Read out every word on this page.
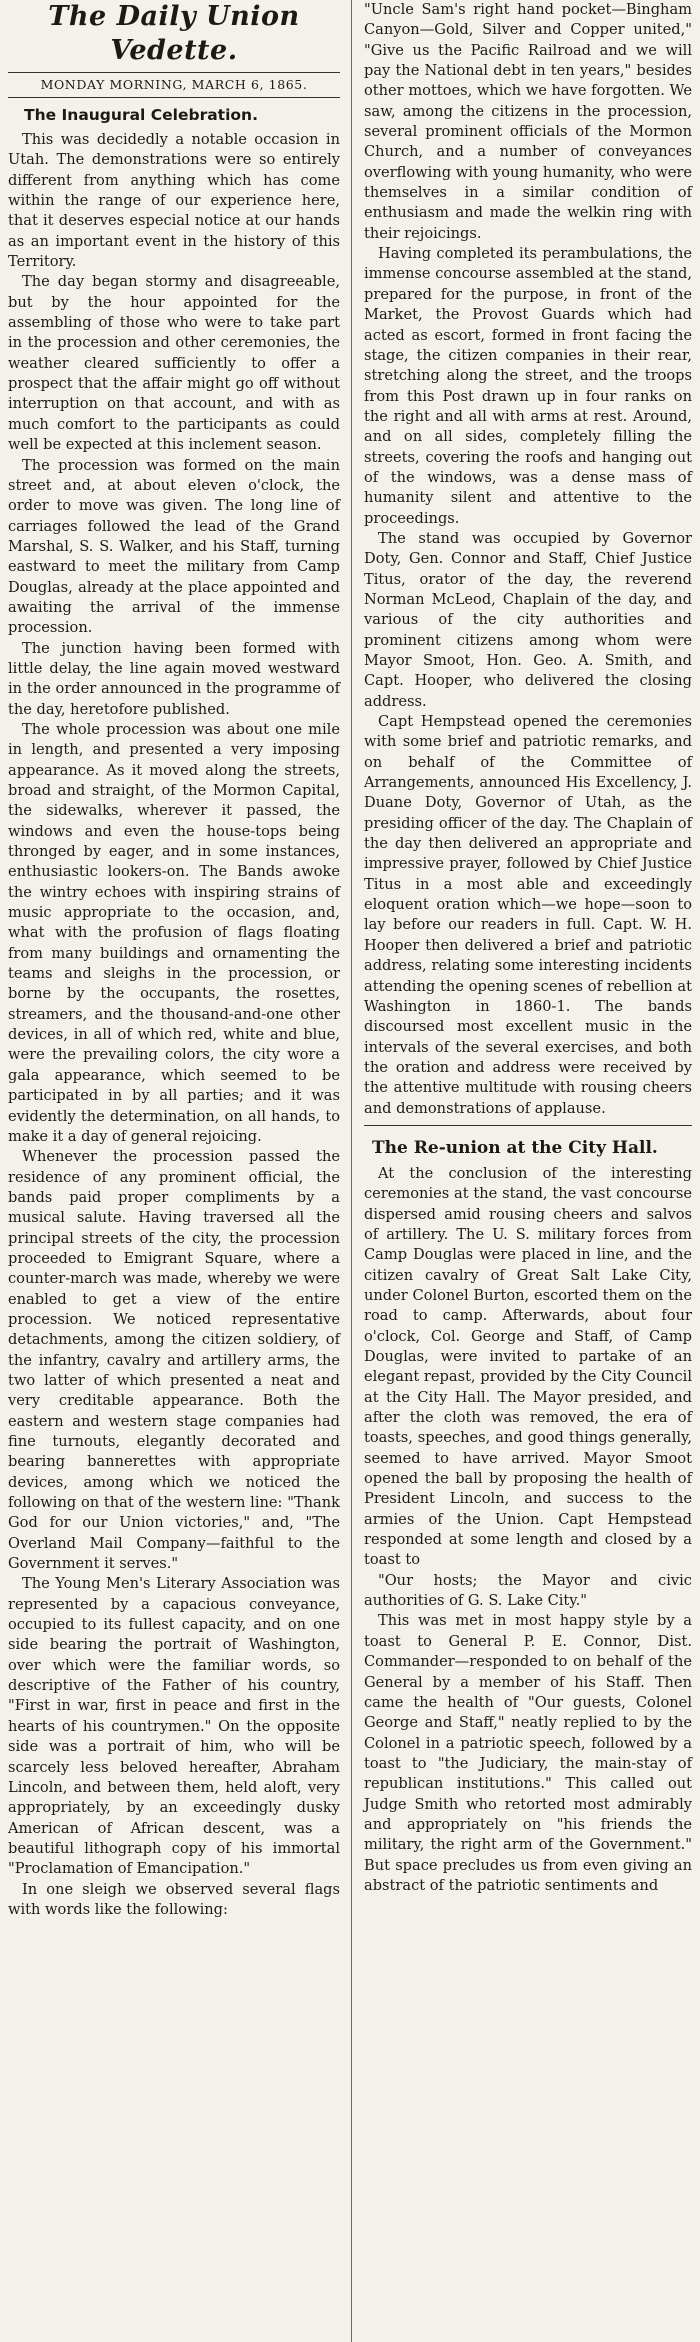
The Daily Union Vedette.
MONDAY MORNING, MARCH 6, 1865.
The Inaugural Celebration.

This was decidedly a notable occasion in Utah. The demonstrations were so entirely different from anything which has come within the range of our experience here, that it deserves especial notice at our hands as an important event in the history of this Territory.

The day began stormy and disagreeable, but by the hour appointed for the assembling of those who were to take part in the procession and other ceremonies, the weather cleared sufficiently to offer a prospect that the affair might go off without interruption on that account, and with as much comfort to the participants as could well be expected at this inclement season.

The procession was formed on the main street and, at about eleven o'clock, the order to move was given. The long line of carriages followed the lead of the Grand Marshal, S. S. Walker, and his Staff, turning eastward to meet the military from Camp Douglas, already at the place appointed and awaiting the arrival of the immense procession.

The junction having been formed with little delay, the line again moved westward in the order announced in the programme of the day, heretofore published.

The whole procession was about one mile in length, and presented a very imposing appearance. As it moved along the streets, broad and straight, of the Mormon Capital, the sidewalks, wherever it passed, the windows and even the house-tops being thronged by eager, and in some instances, enthusiastic lookers-on. The Bands awoke the wintry echoes with inspiring strains of music appropriate to the occasion, and, what with the profusion of flags floating from many buildings and ornamenting the teams and sleighs in the procession, or borne by the occupants, the rosettes, streamers, and the thousand-and-one other devices, in all of which red, white and blue, were the prevailing colors, the city wore a gala appearance, which seemed to be participated in by all parties; and it was evidently the determination, on all hands, to make it a day of general rejoicing.

Whenever the procession passed the residence of any prominent official, the bands paid proper compliments by a musical salute. Having traversed all the principal streets of the city, the procession proceeded to Emigrant Square, where a counter-march was made, whereby we were enabled to get a view of the entire procession. We noticed representative detachments, among the citizen soldiery, of the infantry, cavalry and artillery arms, the two latter of which presented a neat and very creditable appearance. Both the eastern and western stage companies had fine turnouts, elegantly decorated and bearing bannerettes with appropriate devices, among which we noticed the following on that of the western line: "Thank God for our Union victories," and, "The Overland Mail Company—faithful to the Government it serves."

The Young Men's Literary Association was represented by a capacious conveyance, occupied to its fullest capacity, and on one side bearing the portrait of Washington, over which were the familiar words, so descriptive of the Father of his country, "First in war, first in peace and first in the hearts of his countrymen." On the opposite side was a portrait of him, who will be scarcely less beloved hereafter, Abraham Lincoln, and between them, held aloft, very appropriately, by an exceedingly dusky American of African descent, was a beautiful lithograph copy of his immortal "Proclamation of Emancipation."

In one sleigh we observed several flags with words like the following:

"Uncle Sam's right hand pocket—Bingham Canyon—Gold, Silver and Copper united," "Give us the Pacific Railroad and we will pay the National debt in ten years," besides other mottoes, which we have forgotten. We saw, among the citizens in the procession, several prominent officials of the Mormon Church, and a number of conveyances overflowing with young humanity, who were themselves in a similar condition of enthusiasm and made the welkin ring with their rejoicings.

Having completed its perambulations, the immense concourse assembled at the stand, prepared for the purpose, in front of the Market, the Provost Guards which had acted as escort, formed in front facing the stage, the citizen companies in their rear, stretching along the street, and the troops from this Post drawn up in four ranks on the right and all with arms at rest. Around, and on all sides, completely filling the streets, covering the roofs and hanging out of the windows, was a dense mass of humanity silent and attentive to the proceedings.

The stand was occupied by Governor Doty, Gen. Connor and Staff, Chief Justice Titus, orator of the day, the reverend Norman McLeod, Chaplain of the day, and various of the city authorities and prominent citizens among whom were Mayor Smoot, Hon. Geo. A. Smith, and Capt. Hooper, who delivered the closing address.

Capt Hempstead opened the ceremonies with some brief and patriotic remarks, and on behalf of the Committee of Arrangements, announced His Excellency, J. Duane Doty, Governor of Utah, as the presiding officer of the day. The Chaplain of the day then delivered an appropriate and impressive prayer, followed by Chief Justice Titus in a most able and exceedingly eloquent oration which—we hope—soon to lay before our readers in full. Capt. W. H. Hooper then delivered a brief and patriotic address, relating some interesting incidents attending the opening scenes of rebellion at Washington in 1860-1. The bands discoursed most excellent music in the intervals of the several exercises, and both the oration and address were received by the attentive multitude with rousing cheers and demonstrations of applause.

The Re-union at the City Hall.

At the conclusion of the interesting ceremonies at the stand, the vast concourse dispersed amid rousing cheers and salvos of artillery. The U. S. military forces from Camp Douglas were placed in line, and the citizen cavalry of Great Salt Lake City, under Colonel Burton, escorted them on the road to camp. Afterwards, about four o'clock, Col. George and Staff, of Camp Douglas, were invited to partake of an elegant repast, provided by the City Council at the City Hall. The Mayor presided, and after the cloth was removed, the era of toasts, speeches, and good things generally, seemed to have arrived. Mayor Smoot opened the ball by proposing the health of President Lincoln, and success to the armies of the Union. Capt Hempstead responded at some length and closed by a toast to

"Our hosts; the Mayor and civic authorities of G. S. Lake City."

This was met in most happy style by a toast to General P. E. Connor, Dist. Commander—responded to on behalf of the General by a member of his Staff. Then came the health of "Our guests, Colonel George and Staff," neatly replied to by the Colonel in a patriotic speech, followed by a toast to "the Judiciary, the main-stay of republican institutions." This called out Judge Smith who retorted most admirably and appropriately on "his friends the military, the right arm of the Government." But space precludes us from even giving an abstract of the patriotic sentiments and
